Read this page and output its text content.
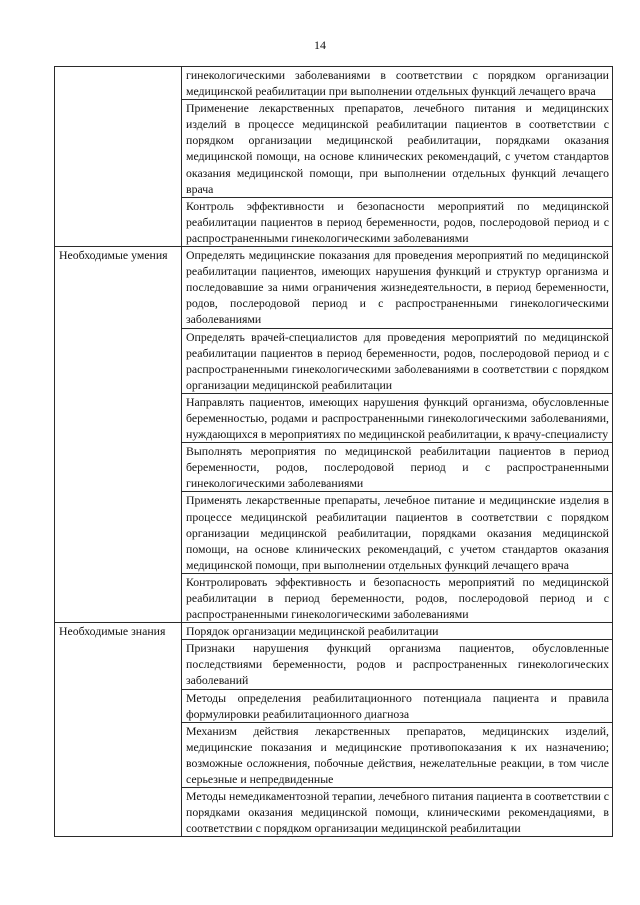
14
	гинекологическими заболеваниями в соответствии с порядком организации медицинской реабилитации при выполнении отдельных функций лечащего врача
	Применение лекарственных препаратов, лечебного питания и медицинских изделий в процессе медицинской реабилитации пациентов в соответствии с порядком организации медицинской реабилитации, порядками оказания медицинской помощи, на основе клинических рекомендаций, с учетом стандартов оказания медицинской помощи, при выполнении отдельных функций лечащего врача
	Контроль эффективности и безопасности мероприятий по медицинской реабилитации пациентов в период беременности, родов, послеродовой период и с распространенными гинекологическими заболеваниями
Необходимые умения	Определять медицинские показания для проведения мероприятий по медицинской реабилитации пациентов, имеющих нарушения функций и структур организма и последовавшие за ними ограничения жизнедеятельности, в период беременности, родов, послеродовой период и с распространенными гинекологическими заболеваниями
	Определять врачей-специалистов для проведения мероприятий по медицинской реабилитации пациентов в период беременности, родов, послеродовой период и с распространенными гинекологическими заболеваниями в соответствии с порядком организации медицинской реабилитации
	Направлять пациентов, имеющих нарушения функций организма, обусловленные беременностью, родами и распространенными гинекологическими заболеваниями, нуждающихся в мероприятиях по медицинской реабилитации, к врачу-специалисту
	Выполнять мероприятия по медицинской реабилитации пациентов в период беременности, родов, послеродовой период и с распространенными гинекологическими заболеваниями
	Применять лекарственные препараты, лечебное питание и медицинские изделия в процессе медицинской реабилитации пациентов в соответствии с порядком организации медицинской реабилитации, порядками оказания медицинской помощи, на основе клинических рекомендаций, с учетом стандартов оказания медицинской помощи, при выполнении отдельных функций лечащего врача
	Контролировать эффективность и безопасность мероприятий по медицинской реабилитации в период беременности, родов, послеродовой период и с распространенными гинекологическими заболеваниями
Необходимые знания	Порядок организации медицинской реабилитации
	Признаки нарушения функций организма пациентов, обусловленные последствиями беременности, родов и распространенных гинекологических заболеваний
	Методы определения реабилитационного потенциала пациента и правила формулировки реабилитационного диагноза
	Механизм действия лекарственных препаратов, медицинских изделий, медицинские показания и медицинские противопоказания к их назначению; возможные осложнения, побочные действия, нежелательные реакции, в том числе серьезные и непредвиденные
	Методы немедикаментозной терапии, лечебного питания пациента в соответствии с порядками оказания медицинской помощи, клиническими рекомендациями, в соответствии с порядком организации медицинской реабилитации
